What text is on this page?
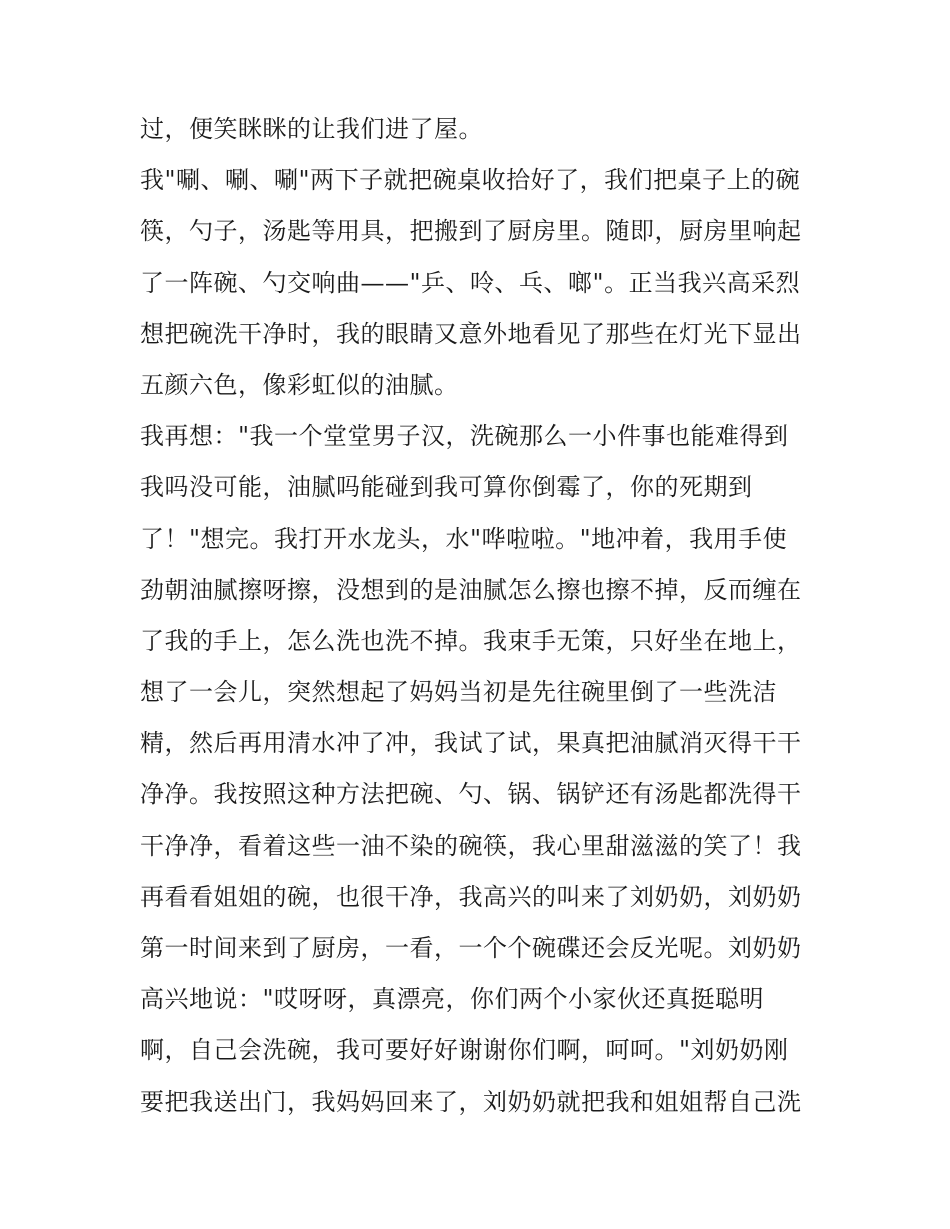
过，便笑眯眯的让我们进了屋。
我"唰、唰、唰"两下子就把碗桌收拾好了，我们把桌子上的碗
筷，勺子，汤匙等用具，把搬到了厨房里。随即，厨房里响起
了一阵碗、勺交响曲——"乒、呤、乓、啷"。正当我兴高采烈
想把碗洗干净时，我的眼睛又意外地看见了那些在灯光下显出
五颜六色，像彩虹似的油腻。
我再想："我一个堂堂男子汉，洗碗那么一小件事也能难得到
我吗没可能，油腻吗能碰到我可算你倒霉了，你的死期到
了！"想完。我打开水龙头，水"哗啦啦。"地冲着，我用手使
劲朝油腻擦呀擦，没想到的是油腻怎么擦也擦不掉，反而缠在
了我的手上，怎么洗也洗不掉。我束手无策，只好坐在地上，
想了一会儿，突然想起了妈妈当初是先往碗里倒了一些洗洁
精，然后再用清水冲了冲，我试了试，果真把油腻消灭得干干
净净。我按照这种方法把碗、勺、锅、锅铲还有汤匙都洗得干
干净净，看着这些一油不染的碗筷，我心里甜滋滋的笑了！我
再看看姐姐的碗，也很干净，我高兴的叫来了刘奶奶，刘奶奶
第一时间来到了厨房，一看，一个个碗碟还会反光呢。刘奶奶
高兴地说："哎呀呀，真漂亮，你们两个小家伙还真挺聪明
啊，自己会洗碗，我可要好好谢谢你们啊，呵呵。"刘奶奶刚
要把我送出门，我妈妈回来了，刘奶奶就把我和姐姐帮自己洗
